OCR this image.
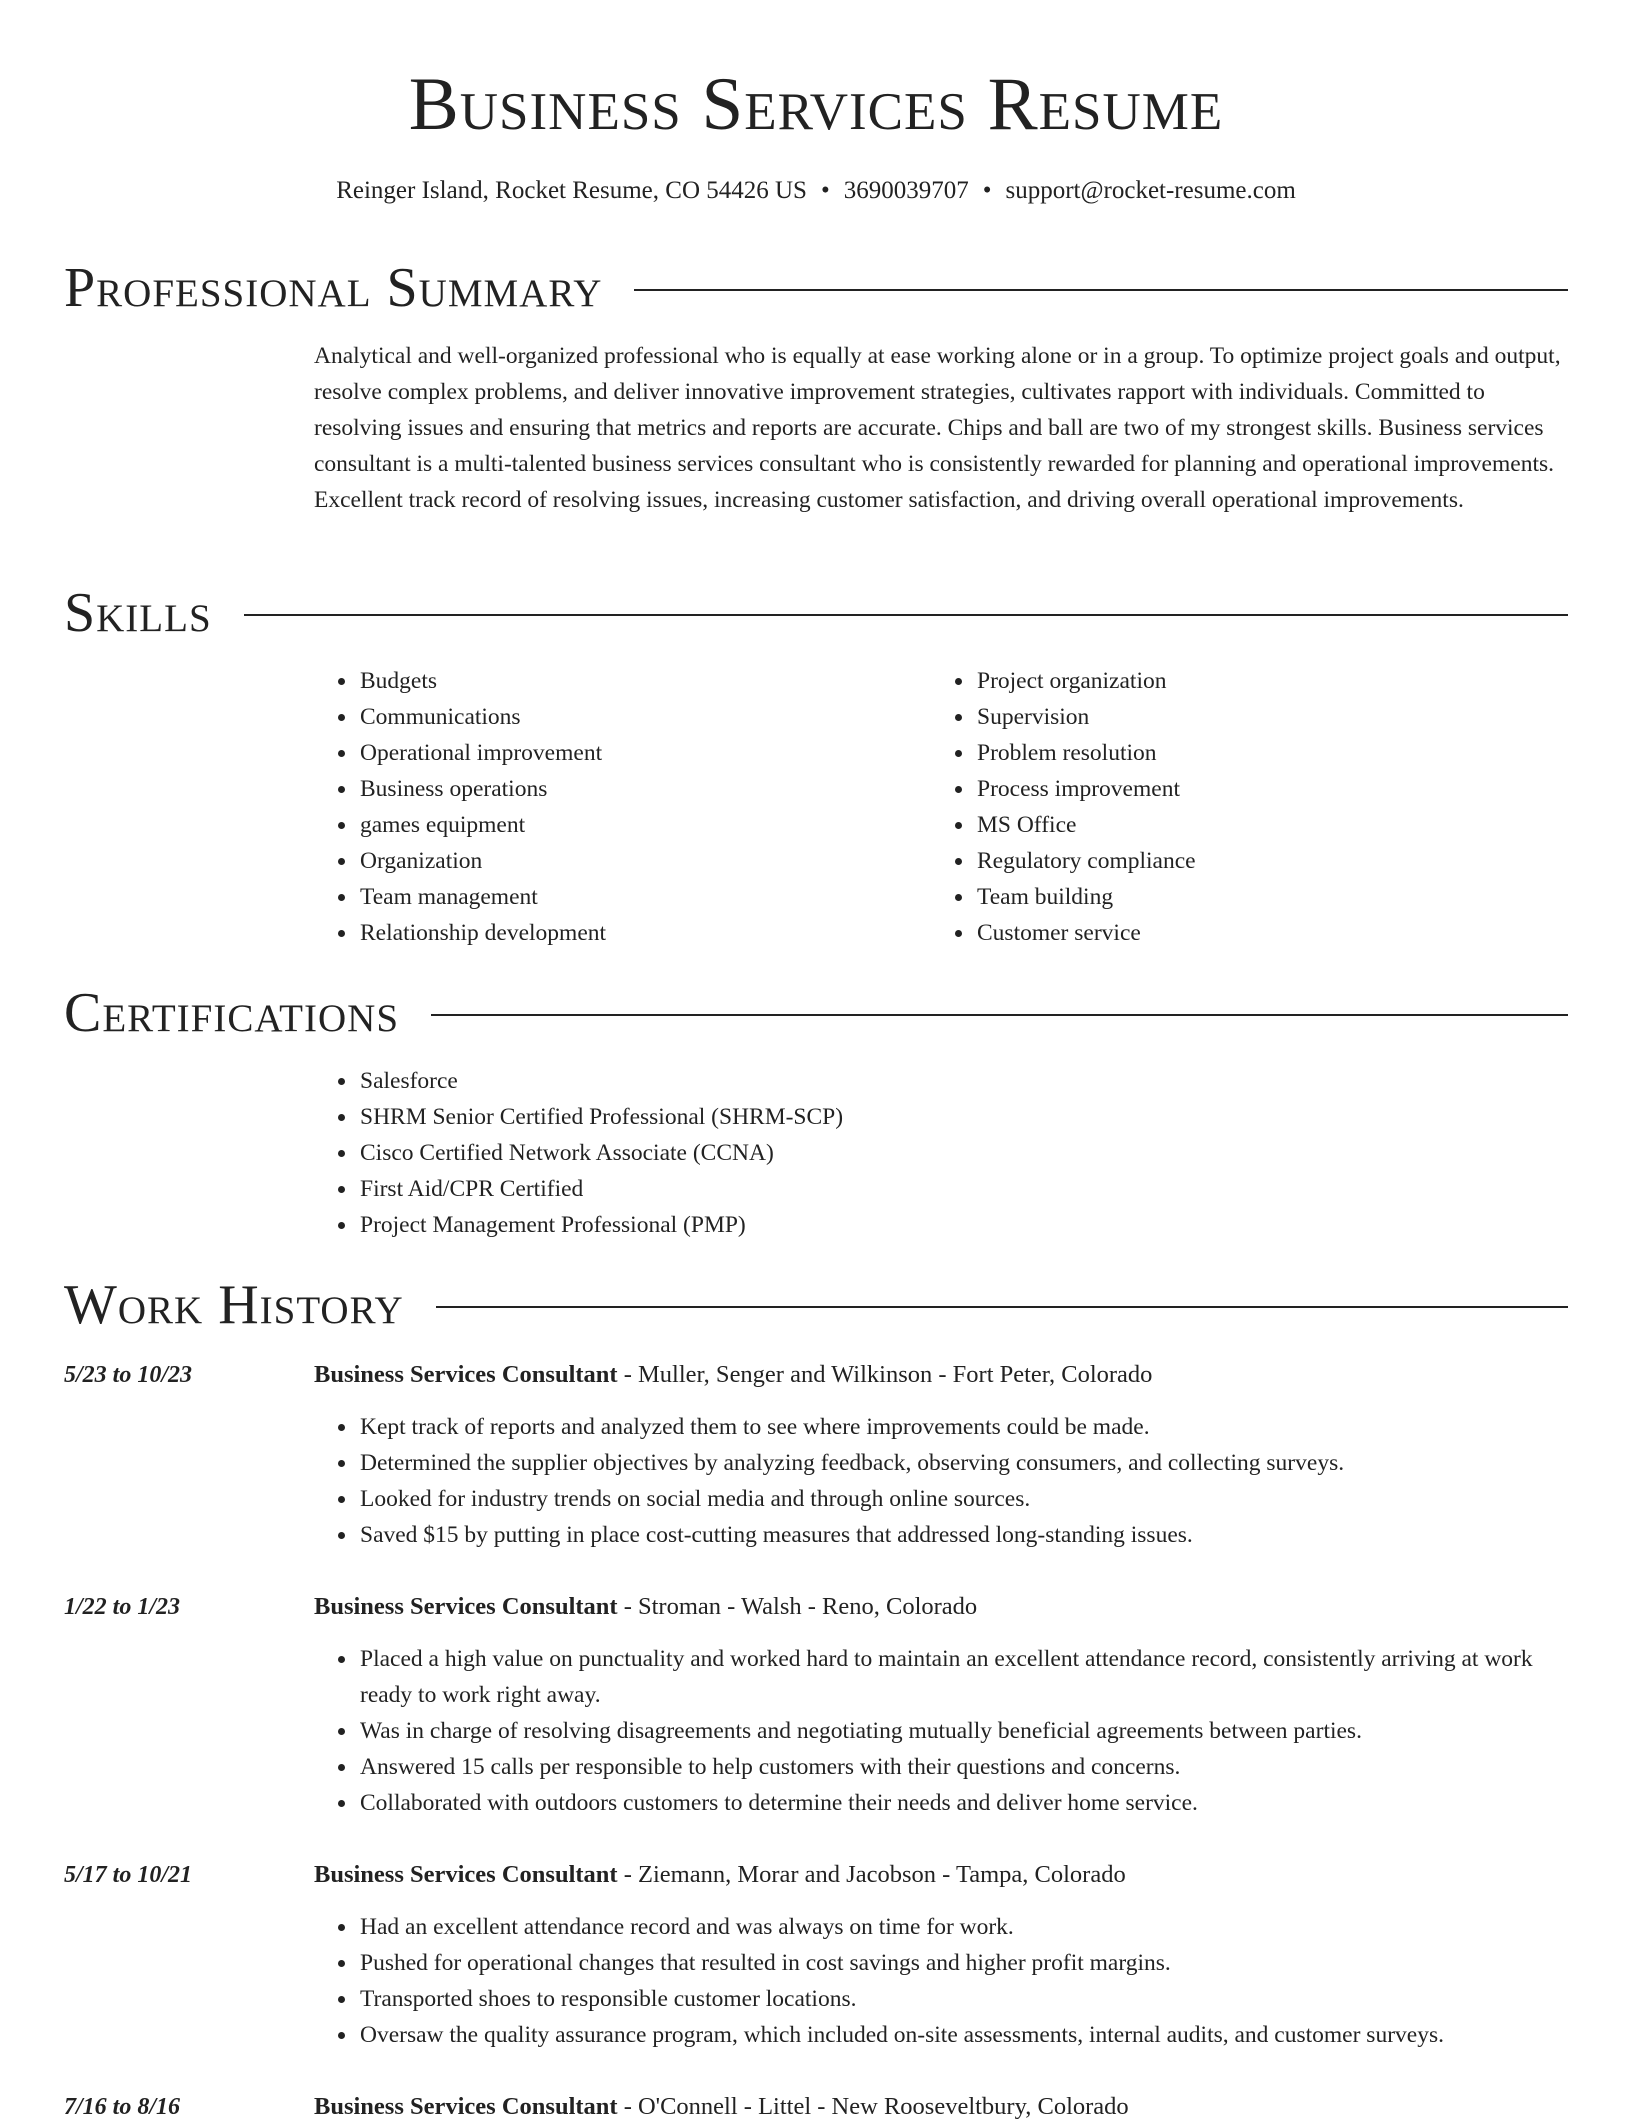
Business Services Resume
Reinger Island, Rocket Resume, CO 54426 US • 3690039707 • support@rocket-resume.com
Professional Summary

Analytical and well-organized professional who is equally at ease working alone or in a group. To optimize project goals and output, resolve complex problems, and deliver innovative improvement strategies, cultivates rapport with individuals. Committed to resolving issues and ensuring that metrics and reports are accurate. Chips and ball are two of my strongest skills. Business services consultant is a multi-talented business services consultant who is consistently rewarded for planning and operational improvements. Excellent track record of resolving issues, increasing customer satisfaction, and driving overall operational improvements.

Skills
• Budgets
• Communications
• Operational improvement
• Business operations
• games equipment
• Organization
• Team management
• Relationship development
• Project organization
• Supervision
• Problem resolution
• Process improvement
• MS Office
• Regulatory compliance
• Team building
• Customer service
Certifications
• Salesforce
• SHRM Senior Certified Professional (SHRM-SCP)
• Cisco Certified Network Associate (CCNA)
• First Aid/CPR Certified
• Project Management Professional (PMP)
Work History
5/23 to 10/23	Business Services Consultant - Muller, Senger and Wilkinson - Fort Peter, Colorado
• Kept track of reports and analyzed them to see where improvements could be made.
• Determined the supplier objectives by analyzing feedback, observing consumers, and collecting surveys.
• Looked for industry trends on social media and through online sources.
• Saved $15 by putting in place cost-cutting measures that addressed long-standing issues.
1/22 to 1/23	Business Services Consultant - Stroman - Walsh - Reno, Colorado
• Placed a high value on punctuality and worked hard to maintain an excellent attendance record, consistently arriving at work ready to work right away.
• Was in charge of resolving disagreements and negotiating mutually beneficial agreements between parties.
• Answered 15 calls per responsible to help customers with their questions and concerns.
• Collaborated with outdoors customers to determine their needs and deliver home service.
5/17 to 10/21	Business Services Consultant - Ziemann, Morar and Jacobson - Tampa, Colorado
• Had an excellent attendance record and was always on time for work.
• Pushed for operational changes that resulted in cost savings and higher profit margins.
• Transported shoes to responsible customer locations.
• Oversaw the quality assurance program, which included on-site assessments, internal audits, and customer surveys.
7/16 to 8/16	Business Services Consultant - O'Connell - Littel - New Rooseveltbury, Colorado
